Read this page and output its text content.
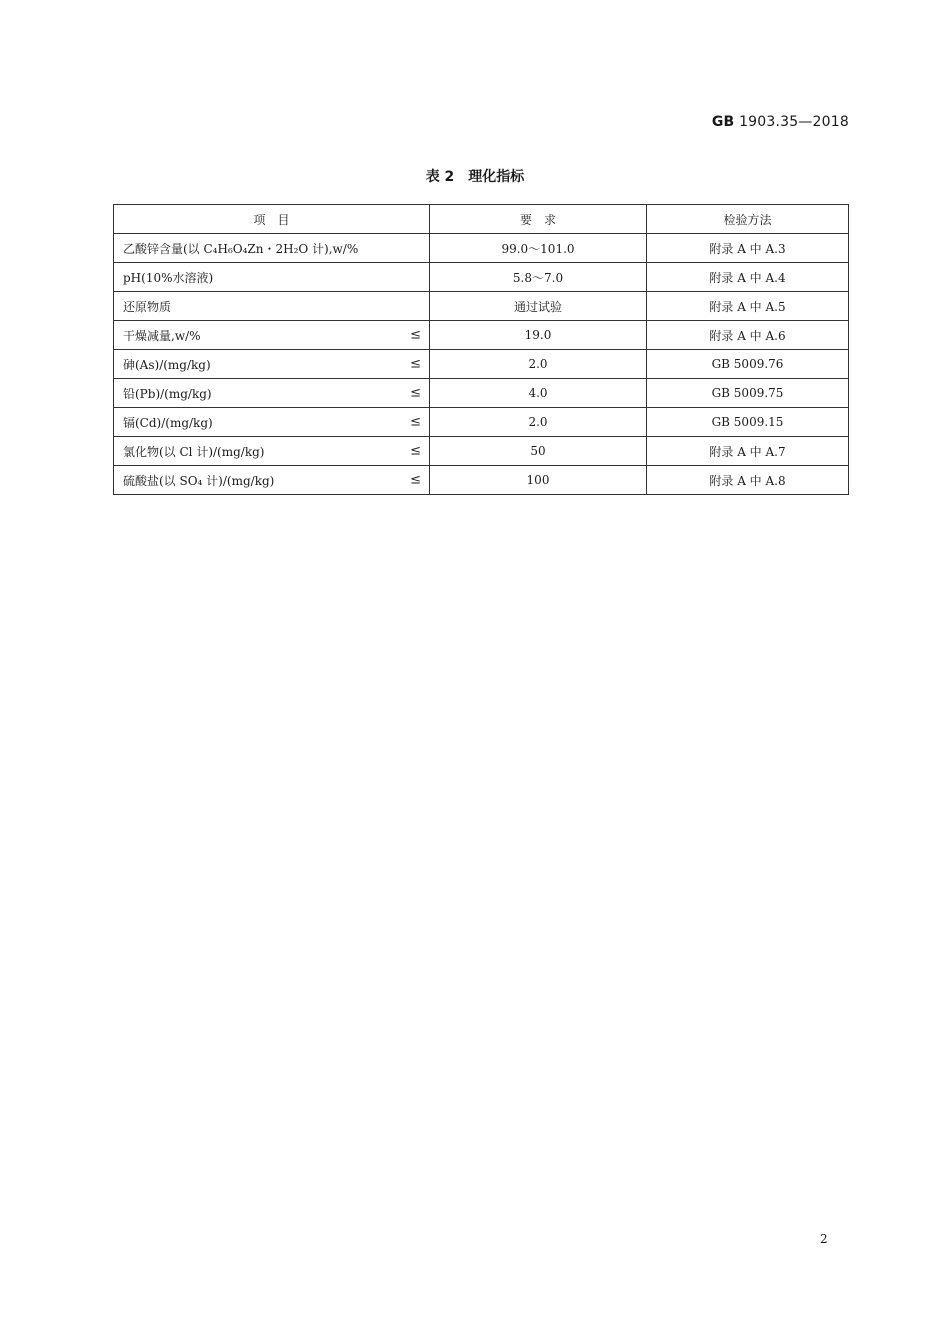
GB 1903.35—2018
表 2　理化指标
项　目	要　求	检验方法
乙酸锌含量(以 C₄H₆O₄Zn・2H₂O 计),w/%	99.0～101.0	附录 A 中 A.3
pH(10%水溶液)	5.8～7.0	附录 A 中 A.4
还原物质	通过试验	附录 A 中 A.5
干燥减量,w/% ≤	19.0	附录 A 中 A.6
砷(As)/(mg/kg) ≤	2.0	GB 5009.76
铅(Pb)/(mg/kg) ≤	4.0	GB 5009.75
镉(Cd)/(mg/kg) ≤	2.0	GB 5009.15
氯化物(以 Cl 计)/(mg/kg) ≤	50	附录 A 中 A.7
硫酸盐(以 SO₄ 计)/(mg/kg) ≤	100	附录 A 中 A.8
2
